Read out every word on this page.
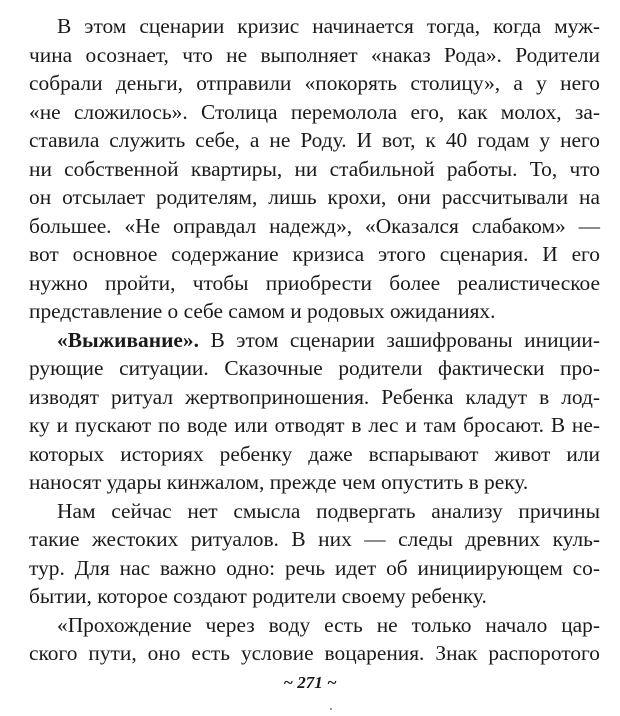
В этом сценарии кризис начинается тогда, когда муж-
чина осознает, что не выполняет «наказ Рода». Родители
собрали деньги, отправили «покорять столицу», а у него
«не сложилось». Столица перемолола его, как молох, за-
ставила служить себе, а не Роду. И вот, к 40 годам у него
ни собственной квартиры, ни стабильной работы. То, что
он отсылает родителям, лишь крохи, они рассчитывали на
большее. «Не оправдал надежд», «Оказался слабаком» —
вот основное содержание кризиса этого сценария. И его
нужно пройти, чтобы приобрести более реалистическое
представление о себе самом и родовых ожиданиях.
«Выживание». В этом сценарии зашифрованы иниции-
рующие ситуации. Сказочные родители фактически про-
изводят ритуал жертвоприношения. Ребенка кладут в лод-
ку и пускают по воде или отводят в лес и там бросают. В не-
которых историях ребенку даже вспарывают живот или
наносят удары кинжалом, прежде чем опустить в реку.
Нам сейчас нет смысла подвергать анализу причины
такие жестоких ритуалов. В них — следы древних куль-
тур. Для нас важно одно: речь идет об инициирующем со-
бытии, которое создают родители своему ребенку.
«Прохождение через воду есть не только начало цар-
ского пути, оно есть условие воцарения. Знак распоротого
~ 271 ~
